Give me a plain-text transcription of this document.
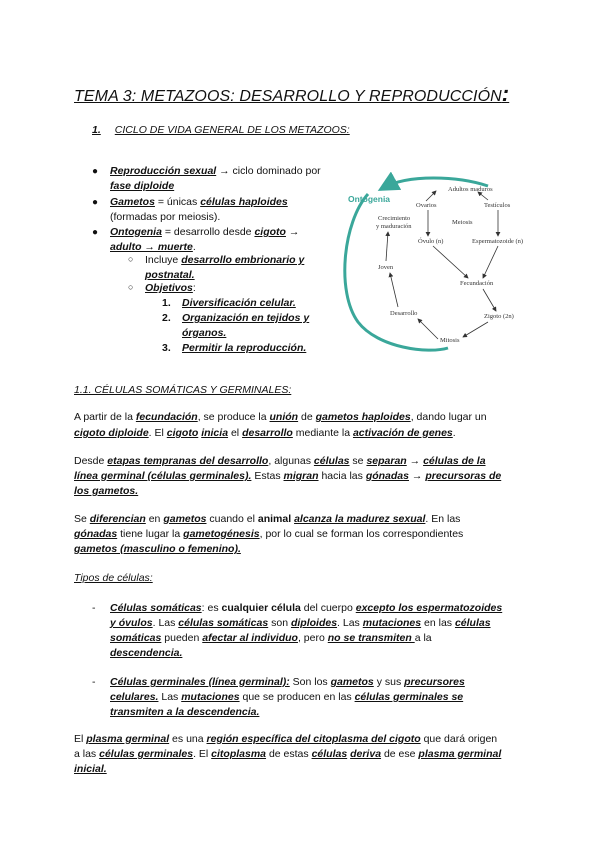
TEMA 3: METAZOOS: DESARROLLO Y REPRODUCCIÓN:
1. CICLO DE VIDA GENERAL DE LOS METAZOOS:
● Reproducción sexual → ciclo dominado por
fase diploide
● Gametos = únicas células haploides
(formadas por meiosis).
● Ontogenia = desarrollo desde cigoto →
adulto → muerte.
○ Incluye desarrollo embrionario y
postnatal.
○ Objetivos:
1. Diversificación celular.
2. Organización en tejidos y
órganos.
3. Permitir la reproducción.
Ontogenia
Adultos maduros
Ovarios	Testículos
Meiosis
Óvulo (n)	Espermatozoide (n)
Fecundación
Zigoto (2n)
Mitosis
Desarrollo
Joven
Crecimiento
y maduración
1.1. CÉLULAS SOMÁTICAS Y GERMINALES:
A partir de la fecundación, se produce la unión de gametos haploides, dando lugar un
cigoto diploide. El cigoto inicia el desarrollo mediante la activación de genes.
Desde etapas tempranas del desarrollo, algunas células se separan → células de la
línea germinal (células germinales). Estas migran hacia las gónadas → precursoras de
los gametos.
Se diferencian en gametos cuando el animal alcanza la madurez sexual. En las
gónadas tiene lugar la gametogénesis, por lo cual se forman los correspondientes
gametos (masculino o femenino).
Tipos de células:
- Células somáticas: es cualquier célula del cuerpo excepto los espermatozoides
y óvulos. Las células somáticas son diploides. Las mutaciones en las células
somáticas pueden afectar al individuo, pero no se transmiten a la
descendencia.
- Células germinales (línea germinal): Son los gametos y sus precursores
celulares. Las mutaciones que se producen en las células germinales se
transmiten a la descendencia.
El plasma germinal es una región específica del citoplasma del cigoto que dará origen
a las células germinales. El citoplasma de estas células deriva de ese plasma germinal
inicial.
